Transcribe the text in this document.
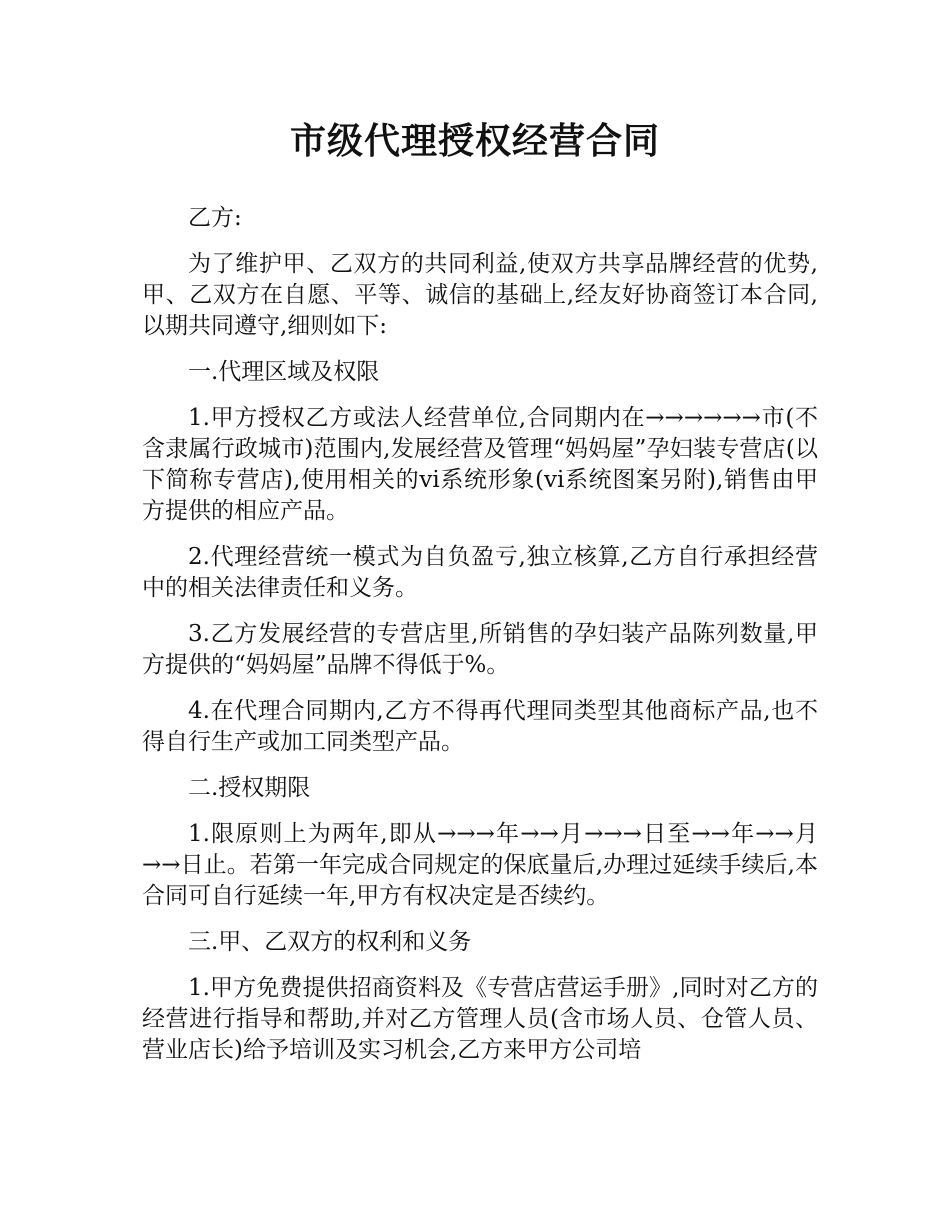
市级代理授权经营合同

乙方:

为了维护甲、乙双方的共同利益,使双方共享品牌经营的优势,甲、乙双方在自愿、平等、诚信的基础上,经友好协商签订本合同,以期共同遵守,细则如下:

一.代理区域及权限

1.甲方授权乙方或法人经营单位,合同期内在→→→→→→市(不含隶属行政城市)范围内,发展经营及管理“妈妈屋”孕妇装专营店(以下简称专营店),使用相关的vi系统形象(vi系统图案另附),销售由甲方提供的相应产品。

2.代理经营统一模式为自负盈亏,独立核算,乙方自行承担经营中的相关法律责任和义务。

3.乙方发展经营的专营店里,所销售的孕妇装产品陈列数量,甲方提供的“妈妈屋”品牌不得低于%。

4.在代理合同期内,乙方不得再代理同类型其他商标产品,也不得自行生产或加工同类型产品。

二.授权期限

1.限原则上为两年,即从→→→年→→月→→→日至→→年→→月→→日止。若第一年完成合同规定的保底量后,办理过延续手续后,本合同可自行延续一年,甲方有权决定是否续约。

三.甲、乙双方的权利和义务

1.甲方免费提供招商资料及《专营店营运手册》,同时对乙方的经营进行指导和帮助,并对乙方管理人员(含市场人员、仓管人员、营业店长)给予培训及实习机会,乙方来甲方公司培
